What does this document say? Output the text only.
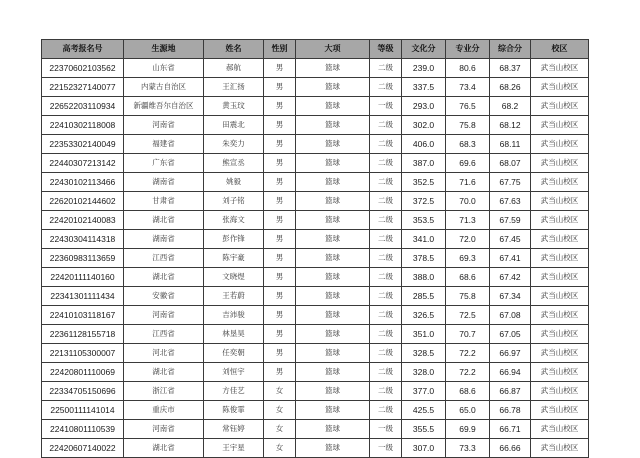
高考报名号	生源地	姓名	性别	大项	等级	文化分	专业分	综合分	校区
22370602103562	山东省	郝航	男	篮球	二级	239.0	80.6	68.37	武当山校区
22152327140077	内蒙古自治区	王汇扬	男	篮球	二级	337.5	73.4	68.26	武当山校区
22652203110934	新疆维吾尔自治区	黄玉玟	男	篮球	一级	293.0	76.5	68.2	武当山校区
22410302118008	河南省	田震北	男	篮球	二级	302.0	75.8	68.12	武当山校区
22353302140049	福建省	朱奕力	男	篮球	二级	406.0	68.3	68.11	武当山校区
22440307213142	广东省	熊宣丞	男	篮球	二级	387.0	69.6	68.07	武当山校区
22430102113466	湖南省	姚毅	男	篮球	二级	352.5	71.6	67.75	武当山校区
22620102144602	甘肃省	刘子铭	男	篮球	二级	372.5	70.0	67.63	武当山校区
22420102140083	湖北省	张海文	男	篮球	二级	353.5	71.3	67.59	武当山校区
22430304114318	湖南省	彭作锋	男	篮球	二级	341.0	72.0	67.45	武当山校区
22360983113659	江西省	陈宇豪	男	篮球	二级	378.5	69.3	67.41	武当山校区
22420111140160	湖北省	文晓煜	男	篮球	二级	388.0	68.6	67.42	武当山校区
22341301111434	安徽省	王若蔚	男	篮球	二级	285.5	75.8	67.34	武当山校区
22410103118167	河南省	吉沛骏	男	篮球	二级	326.5	72.5	67.08	武当山校区
22361128155718	江西省	林垦昊	男	篮球	二级	351.0	70.7	67.05	武当山校区
22131105300007	河北省	任奕朝	男	篮球	二级	328.5	72.2	66.97	武当山校区
22420801110069	湖北省	刘恒宇	男	篮球	二级	328.0	72.2	66.94	武当山校区
22334705150696	浙江省	方佳艺	女	篮球	二级	377.0	68.6	66.87	武当山校区
22500111141014	重庆市	陈俊霏	女	篮球	二级	425.5	65.0	66.78	武当山校区
22410801110539	河南省	常钰婷	女	篮球	一级	355.5	69.9	66.71	武当山校区
22420607140022	湖北省	王宇星	女	篮球	一级	307.0	73.3	66.66	武当山校区
